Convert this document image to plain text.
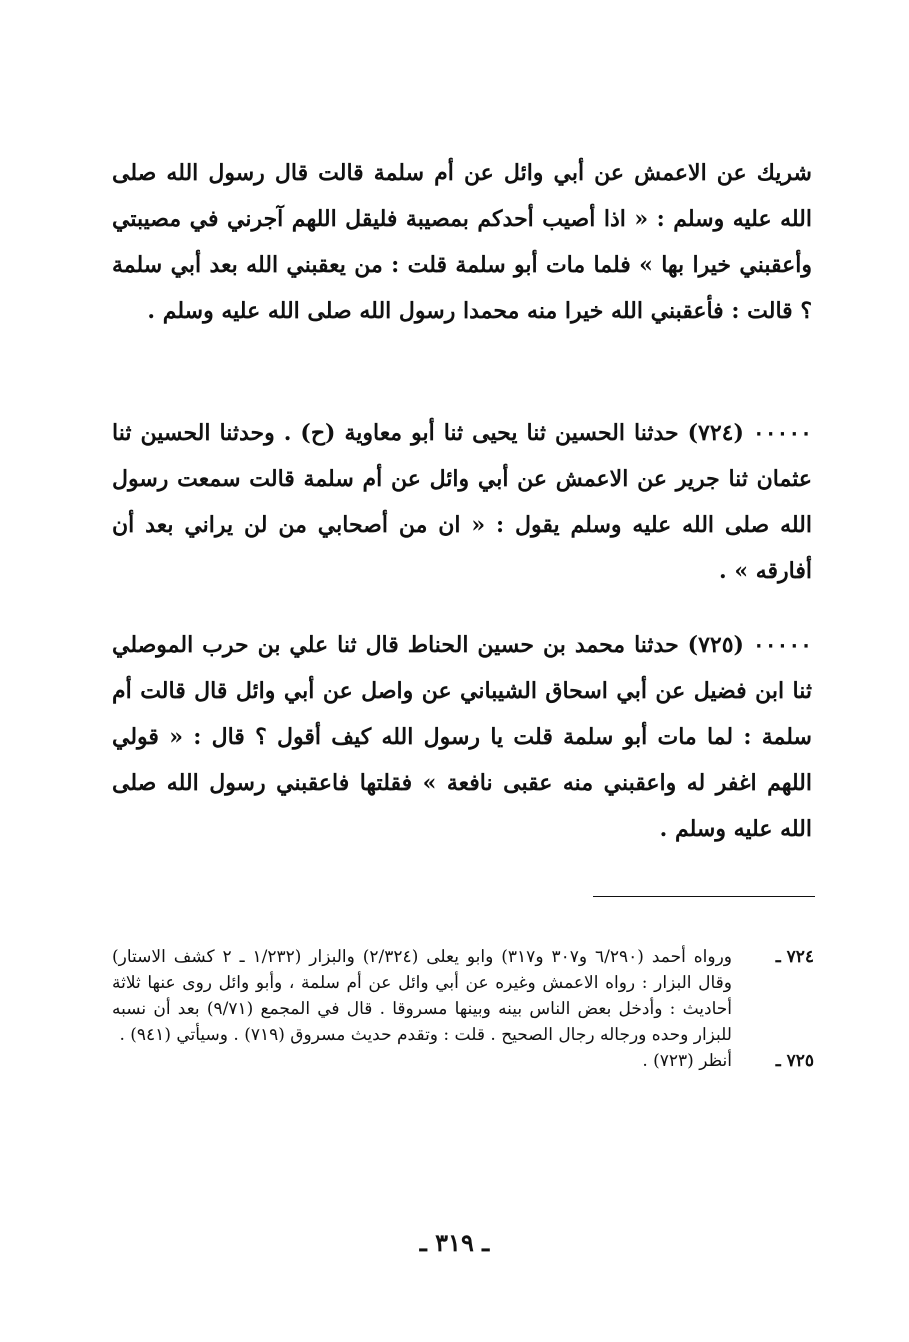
شريك عن الاعمش عن أبي وائل عن أم سلمة قالت قال رسول الله صلى الله عليه وسلم : « اذا أصيب أحدكم بمصيبة فليقل اللهم آجرني في مصيبتي وأعقبني خيرا بها » فلما مات أبو سلمة قلت : من يعقبني الله بعد أبي سلمة ؟ قالت : فأعقبني الله خيرا منه محمدا رسول الله صلى الله عليه وسلم .

٠٠٠٠٠ (٧٢٤) حدثنا الحسين ثنا يحيى ثنا أبو معاوية (ح) . وحدثنا الحسين ثنا عثمان ثنا جرير عن الاعمش عن أبي وائل عن أم سلمة قالت سمعت رسول الله صلى الله عليه وسلم يقول : « ان من أصحابي من لن يراني بعد أن أفارقه » .

٠٠٠٠٠ (٧٢٥) حدثنا محمد بن حسين الحناط قال ثنا علي بن حرب الموصلي ثنا ابن فضيل عن أبي اسحاق الشيباني عن واصل عن أبي وائل قال قالت أم سلمة : لما مات أبو سلمة قلت يا رسول الله كيف أقول ؟ قال : « قولي اللهم اغفر له واعقبني منه عقبى نافعة » فقلتها فاعقبني رسول الله صلى الله عليه وسلم .

٧٢٤ ـ
ورواه أحمد (٦/٢٩٠ و٣٠٧ و٣١٧) وابو يعلى (٢/٣٢٤) والبزار (١/٢٣٢ ـ ٢ كشف الاستار) وقال البزار : رواه الاعمش وغيره عن أبي وائل عن أم سلمة ، وأبو وائل روى عنها ثلاثة أحاديث : وأدخل بعض الناس بينه وبينها مسروقا . قال في المجمع (٩/٧١) بعد أن نسبه للبزار وحده ورجاله رجال الصحيح . قلت : وتقدم حديث مسروق (٧١٩) . وسيأتي (٩٤١) .
٧٢٥ ـ
أنظر (٧٢٣) .
ـ ٣١٩ ـ
